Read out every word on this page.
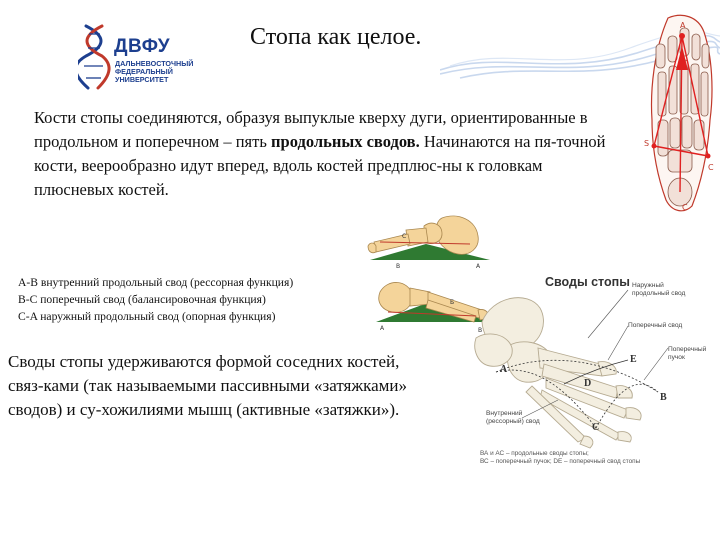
ДВФУ
ДАЛЬНЕВОСТОЧНЫЙ ФЕДЕРАЛЬНЫЙ УНИВЕРСИТЕТ
Стопа как целое.
Кости стопы соединяются, образуя выпуклые кверху дуги, ориентированные в продольном и поперечном – пять продольных сводов. Начинаются на пя-точной кости, веерообразно идут вперед, вдоль костей предплюс-ны к головкам плюсневых костей.
А
S
C
C
С
В	А
Б
А	В
A-B внутренний продольный свод (рессорная функция)
B-C поперечный свод (балансировочная функция)
C-A наружный продольный свод (опорная функция)
Своды стопы удерживаются формой соседних костей, связ-ками (так называемыми пассивными «затяжками» сводов) и су-хожилиями мышц (активные «затяжки»).
Своды стопы Наружный продольный свод
Поперечный свод
Поперечный пучок
Внутренний (рессорный) свод
A
B
C
D
E
ВА и АС – продольные своды стопы;
ВС – поперечный пучок; DE – поперечный свод стопы
